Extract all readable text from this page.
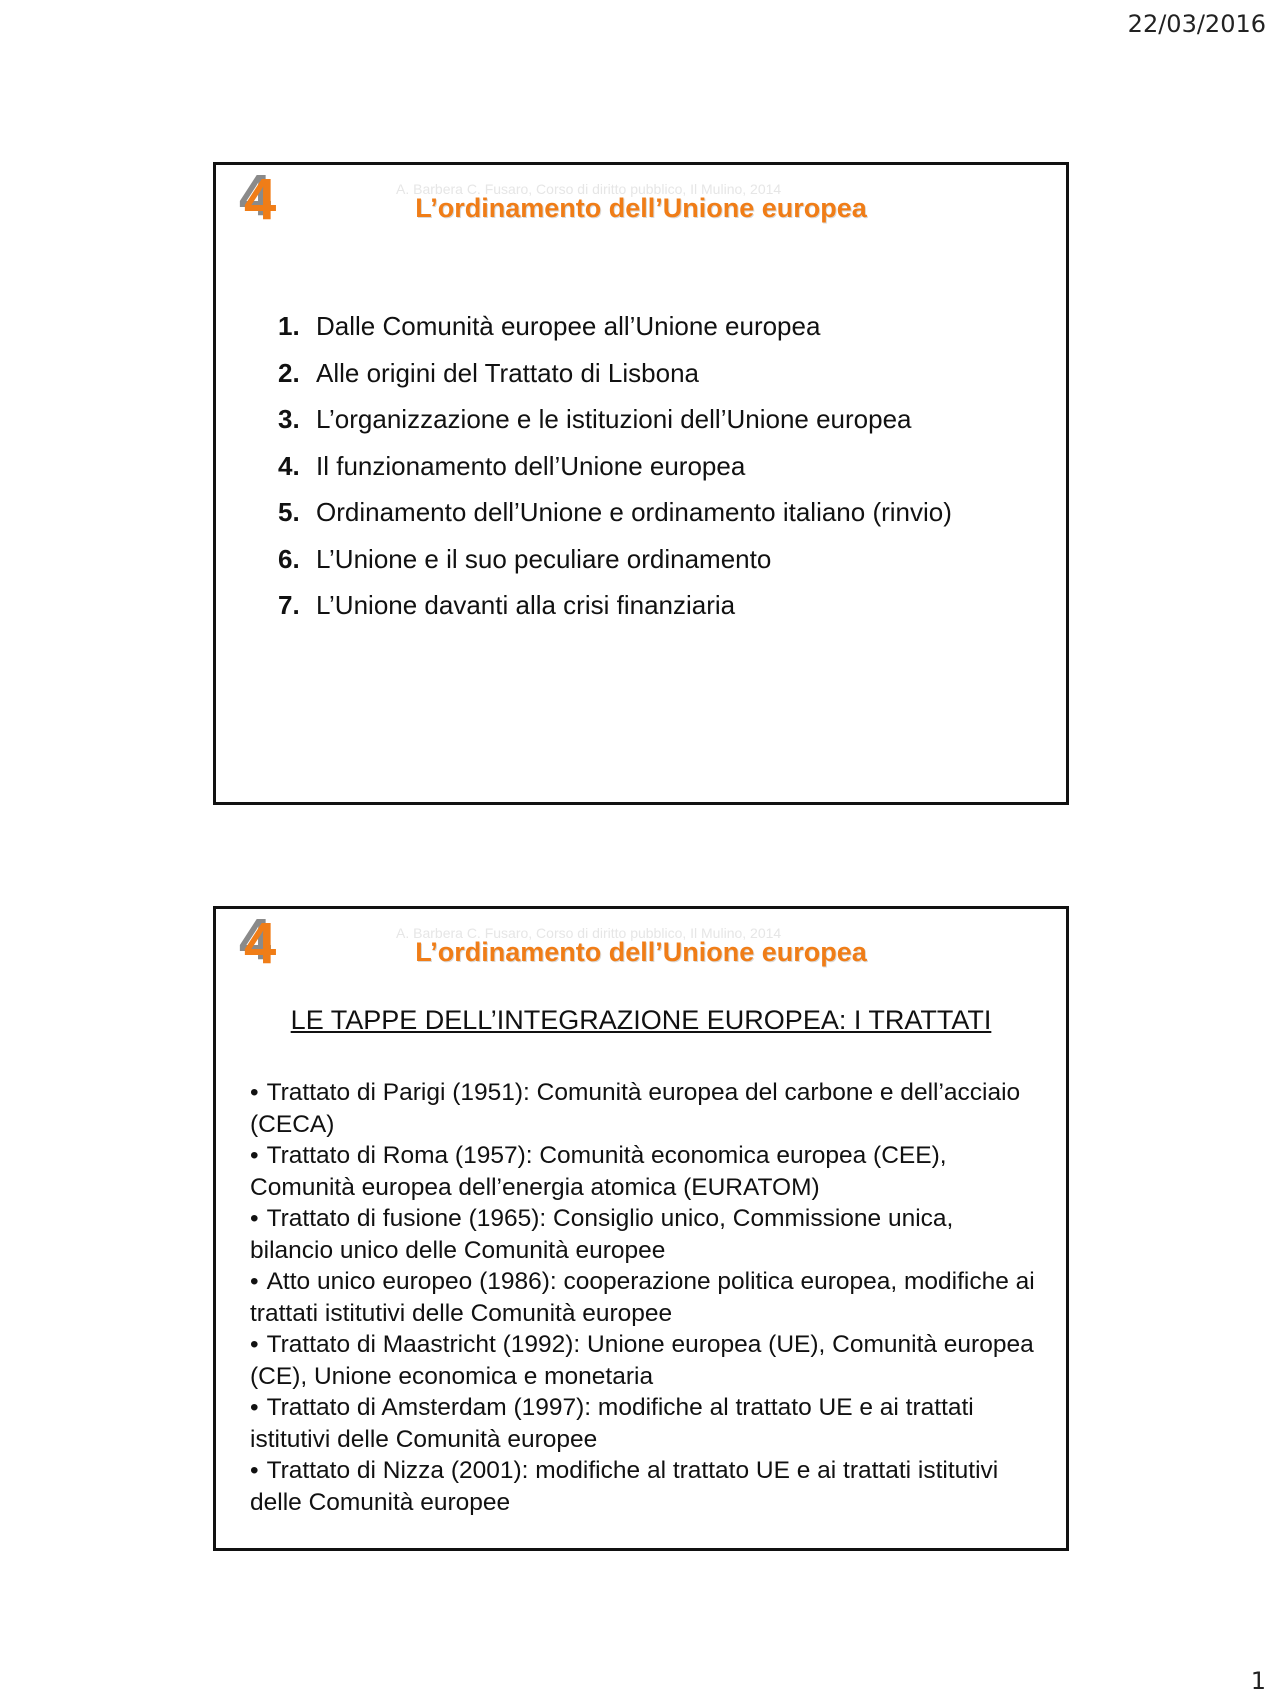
22/03/2016
4	A. Barbera C. Fusaro, Corso di diritto pubblico, Il Mulino, 2014
L’ordinamento dell’Unione europea
1. Dalle Comunità europee all’Unione europea
2. Alle origini del Trattato di Lisbona
3. L’organizzazione e le istituzioni dell’Unione europea
4. Il funzionamento dell’Unione europea
5. Ordinamento dell’Unione e ordinamento italiano (rinvio)
6. L’Unione e il suo peculiare ordinamento
7. L’Unione davanti alla crisi finanziaria
4	A. Barbera C. Fusaro, Corso di diritto pubblico, Il Mulino, 2014
L’ordinamento dell’Unione europea
LE TAPPE DELL’INTEGRAZIONE EUROPEA: I TRATTATI
• Trattato di Parigi (1951): Comunità europea del carbone e dell’acciaio (CECA)
• Trattato di Roma (1957): Comunità economica europea (CEE), Comunità europea dell’energia atomica (EURATOM)
• Trattato di fusione (1965): Consiglio unico, Commissione unica, bilancio unico delle Comunità europee
• Atto unico europeo (1986): cooperazione politica europea, modifiche ai trattati istitutivi delle Comunità europee
• Trattato di Maastricht (1992): Unione europea (UE), Comunità europea (CE), Unione economica e monetaria
• Trattato di Amsterdam (1997): modifiche al trattato UE e ai trattati istitutivi delle Comunità europee
• Trattato di Nizza (2001): modifiche al trattato UE e ai trattati istitutivi delle Comunità europee
1
